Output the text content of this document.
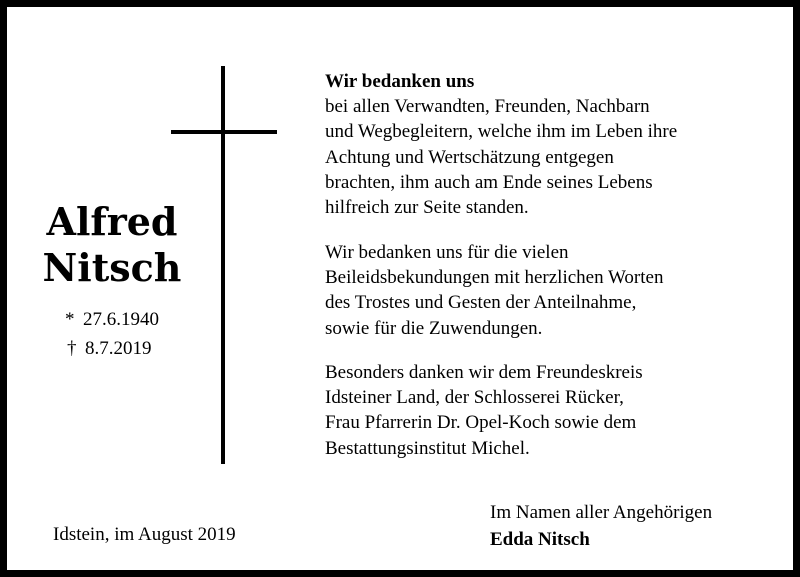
Alfred
Nitsch
* 27.6.1940
† 8.7.2019
Wir bedanken uns
bei allen Verwandten, Freunden, Nachbarn
und Wegbegleitern, welche ihm im Leben ihre
Achtung und Wertschätzung entgegen
brachten, ihm auch am Ende seines Lebens
hilfreich zur Seite standen.
Wir bedanken uns für die vielen
Beileidsbekundungen mit herzlichen Worten
des Trostes und Gesten der Anteilnahme,
sowie für die Zuwendungen.
Besonders danken wir dem Freundeskreis
Idsteiner Land, der Schlosserei Rücker,
Frau Pfarrerin Dr. Opel-Koch sowie dem
Bestattungsinstitut Michel.
Idstein, im August 2019
Im Namen aller Angehörigen
Edda Nitsch
